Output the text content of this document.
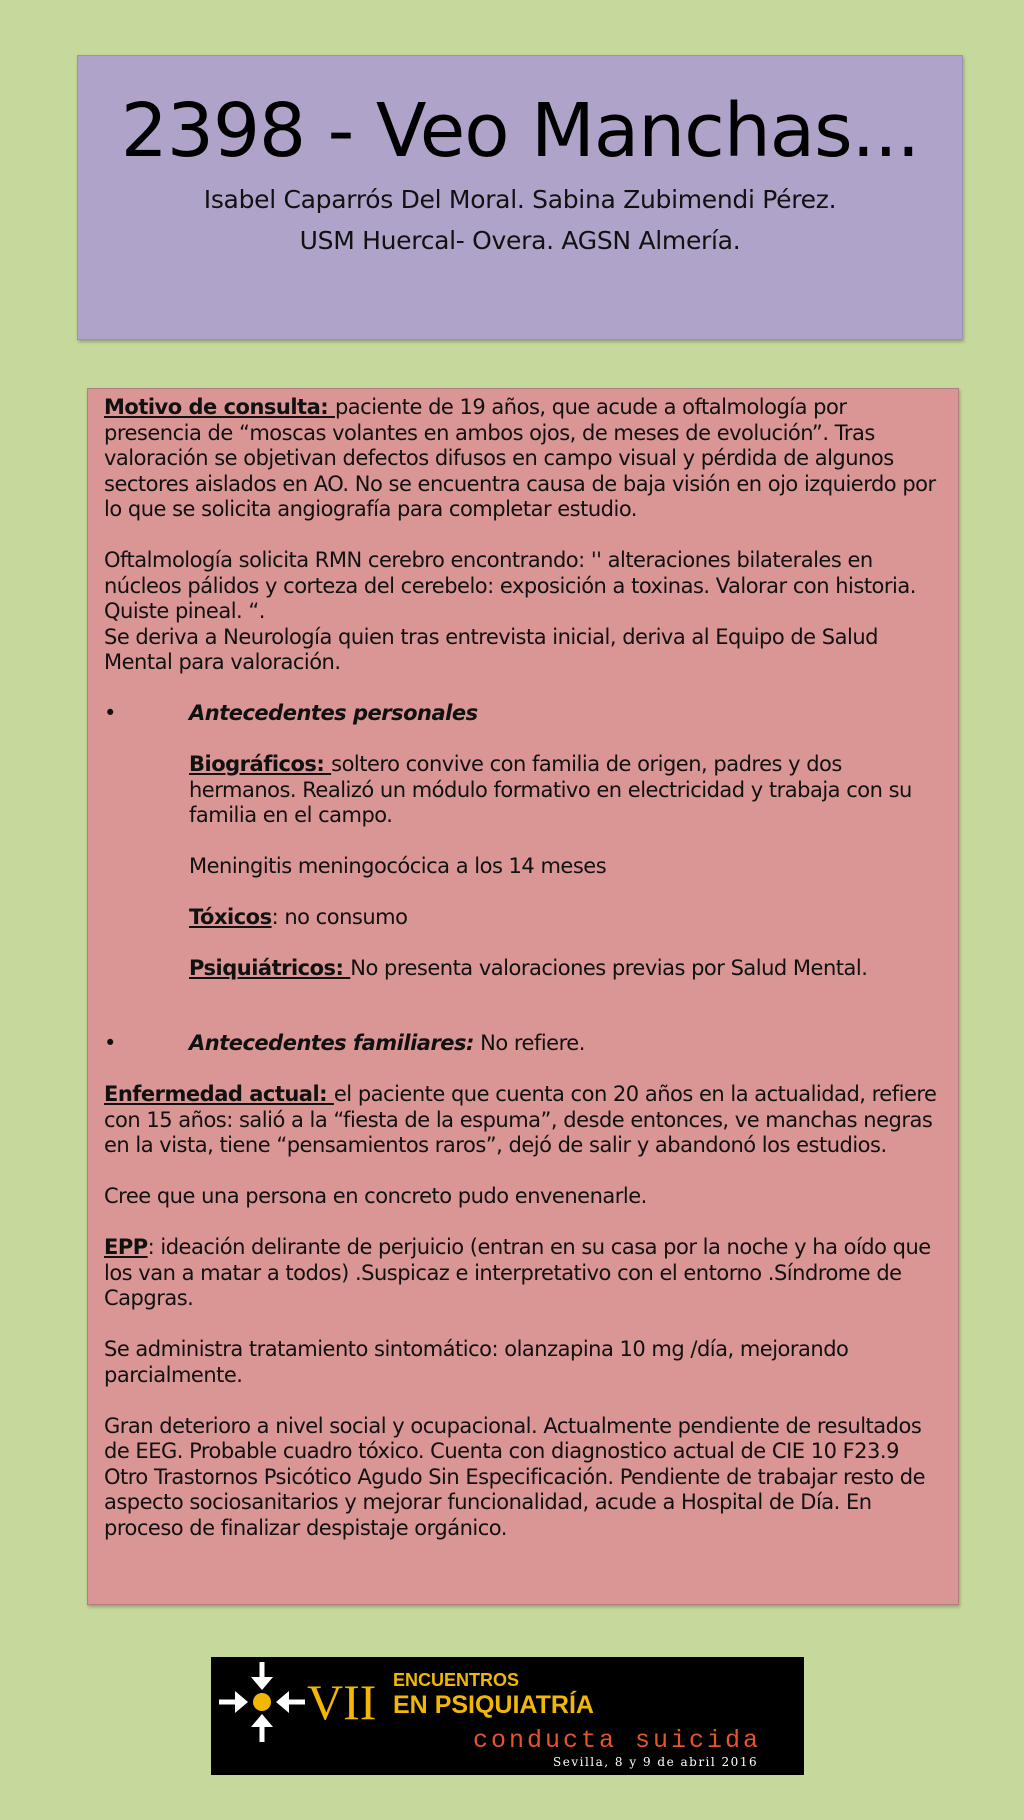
2398 - Veo Manchas...
Isabel Caparrós Del Moral. Sabina Zubimendi Pérez.
USM Huercal- Overa. AGSN Almería.

Motivo de consulta: paciente de 19 años, que acude a oftalmología por presencia de “moscas volantes en ambos ojos, de meses de evolución”. Tras valoración se objetivan defectos difusos en campo visual y pérdida de algunos sectores aislados en AO. No se encuentra causa de baja visión en ojo izquierdo por lo que se solicita angiografía para completar estudio.

Oftalmología solicita RMN cerebro encontrando: '' alteraciones bilaterales en núcleos pálidos y corteza del cerebelo: exposición a toxinas. Valorar con historia. Quiste pineal. “.

Se deriva a Neurología quien tras entrevista inicial, deriva al Equipo de Salud Mental para valoración.

•	Antecedentes personales

Biográficos: soltero convive con familia de origen, padres y dos hermanos. Realizó un módulo formativo en electricidad y trabaja con su familia en el campo.

Meningitis meningocócica a los 14 meses

Tóxicos: no consumo

Psiquiátricos: No presenta valoraciones previas por Salud Mental.

•	Antecedentes familiares: No refiere.

Enfermedad actual: el paciente que cuenta con 20 años en la actualidad, refiere con 15 años: salió a la “fiesta de la espuma”, desde entonces, ve manchas negras en la vista, tiene “pensamientos raros”, dejó de salir y abandonó los estudios.

Cree que una persona en concreto pudo envenenarle.

EPP: ideación delirante de perjuicio (entran en su casa por la noche y ha oído que los van a matar a todos) .Suspicaz e interpretativo con el entorno .Síndrome de Capgras.

Se administra tratamiento sintomático: olanzapina 10 mg /día, mejorando parcialmente.

Gran deterioro a nivel social y ocupacional. Actualmente pendiente de resultados de EEG. Probable cuadro tóxico. Cuenta con diagnostico actual de CIE 10 F23.9 Otro Trastornos Psicótico Agudo Sin Especificación. Pendiente de trabajar resto de aspecto sociosanitarios y mejorar funcionalidad, acude a Hospital de Día. En proceso de finalizar despistaje orgánico.

VII ENCUENTROS
EN PSIQUIATRÍA
conducta suicida
Sevilla, 8 y 9 de abril 2016
